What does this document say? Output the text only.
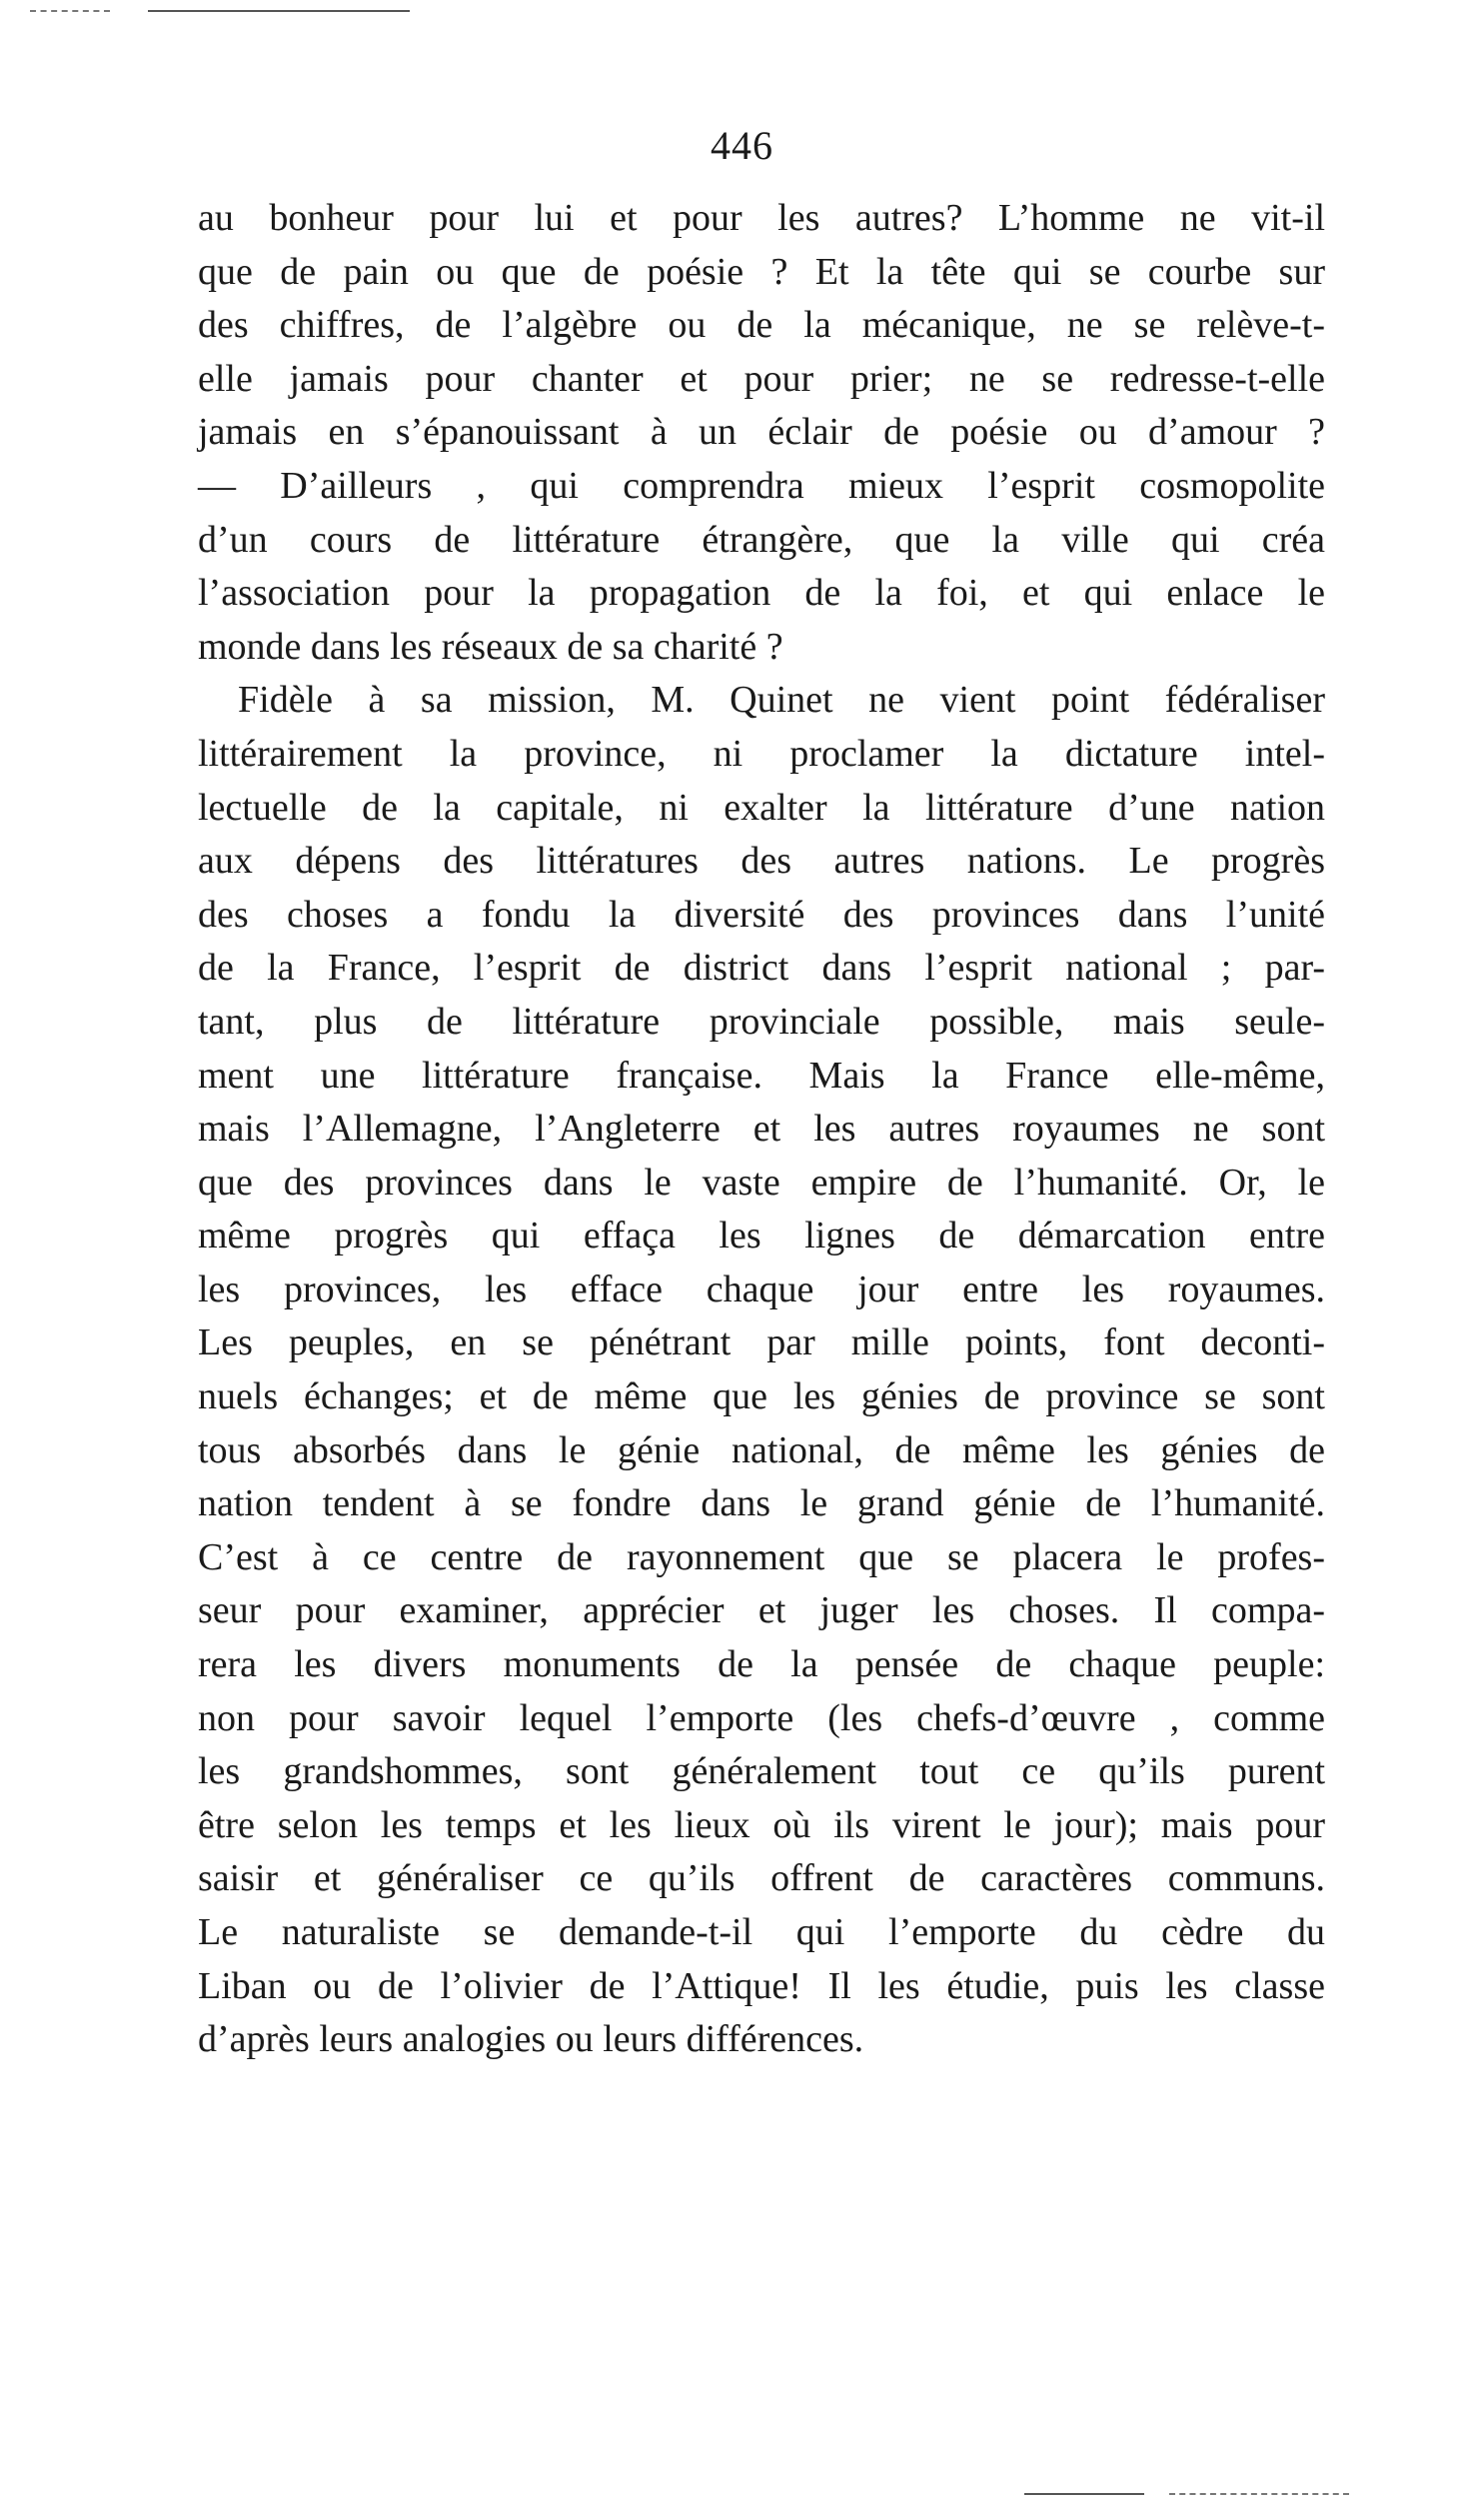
446
au bonheur pour lui et pour les autres? L’homme ne vit-il
que de pain ou que de poésie ? Et la tête qui se courbe sur
des chiffres, de l’algèbre ou de la mécanique, ne se relève-t-
elle jamais pour chanter et pour prier; ne se redresse-t-elle
jamais en s’épanouissant à un éclair de poésie ou d’amour ?
— D’ailleurs , qui comprendra mieux l’esprit cosmopolite
d’un cours de littérature étrangère, que la ville qui créa
l’association pour la propagation de la foi, et qui enlace le
monde dans les réseaux de sa charité ?
Fidèle à sa mission, M. Quinet ne vient point fédéraliser
littérairement la province, ni proclamer la dictature intel-
lectuelle de la capitale, ni exalter la littérature d’une nation
aux dépens des littératures des autres nations. Le progrès
des choses a fondu la diversité des provinces dans l’unité
de la France, l’esprit de district dans l’esprit national ; par-
tant, plus de littérature provinciale possible, mais seule-
ment une littérature française. Mais la France elle-même,
mais l’Allemagne, l’Angleterre et les autres royaumes ne sont
que des provinces dans le vaste empire de l’humanité. Or, le
même progrès qui effaça les lignes de démarcation entre
les provinces, les efface chaque jour entre les royaumes.
Les peuples, en se pénétrant par mille points, font deconti-
nuels échanges; et de même que les génies de province se sont
tous absorbés dans le génie national, de même les génies de
nation tendent à se fondre dans le grand génie de l’humanité.
C’est à ce centre de rayonnement que se placera le profes-
seur pour examiner, apprécier et juger les choses. Il compa-
rera les divers monuments de la pensée de chaque peuple:
non pour savoir lequel l’emporte (les chefs-d’œuvre , comme
les grandshommes, sont généralement tout ce qu’ils purent
être selon les temps et les lieux où ils virent le jour); mais pour
saisir et généraliser ce qu’ils offrent de caractères communs.
Le naturaliste se demande-t-il qui l’emporte du cèdre du
Liban ou de l’olivier de l’Attique! Il les étudie, puis les classe
d’après leurs analogies ou leurs différences.
